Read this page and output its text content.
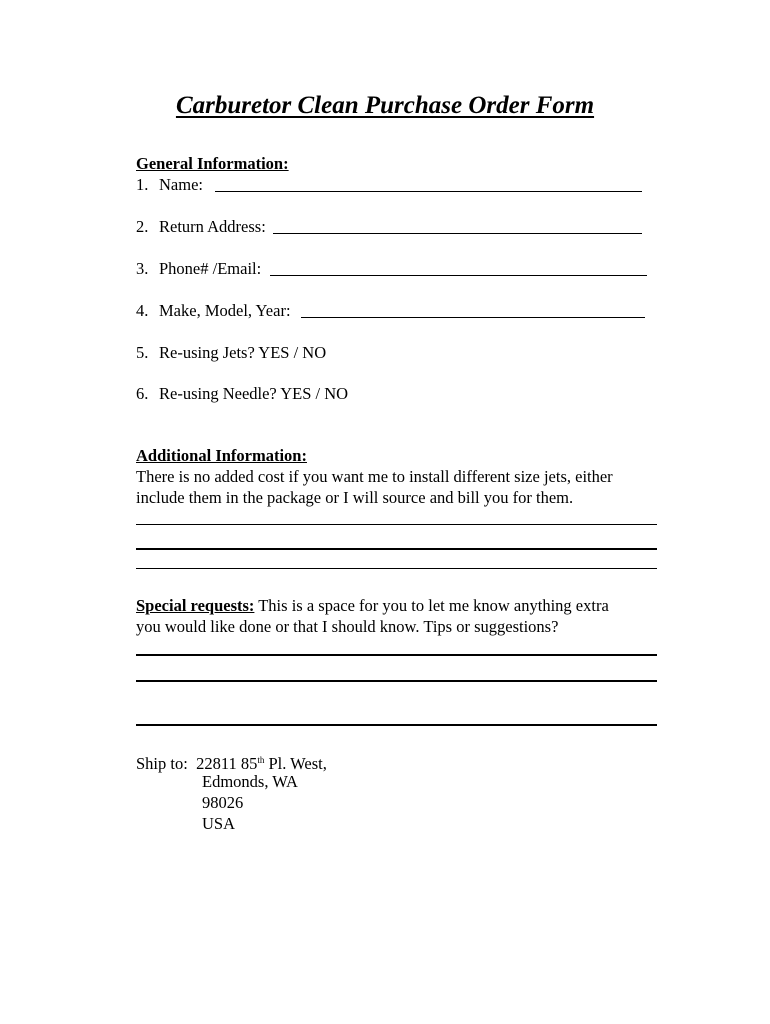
Carburetor Clean Purchase Order Form
General Information:
1. Name:
2. Return Address:
3. Phone# /Email:
4. Make, Model, Year:
5. Re-using Jets? YES / NO
6. Re-using Needle? YES / NO
Additional Information:
There is no added cost if you want me to install different size jets, either
include them in the package or I will source and bill you for them.
Special requests: This is a space for you to let me know anything extra
you would like done or that I should know. Tips or suggestions?
Ship to: 22811 85th Pl. West,
Edmonds, WA
98026
USA
